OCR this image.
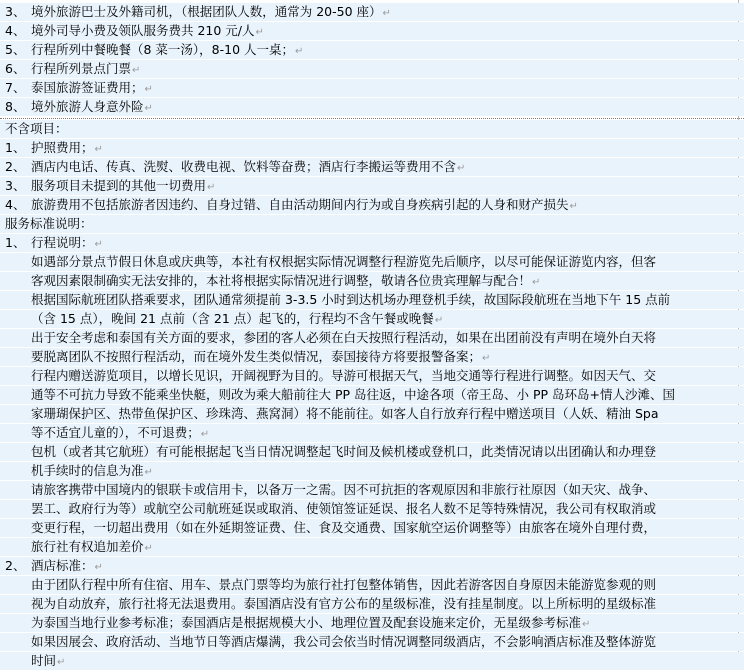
3、 境外旅游巴士及外籍司机，（根据团队人数，通常为 20-50 座）↵
4、 境外司导小费及领队服务费共 210 元/人↵
5、 行程所列中餐晚餐（8 菜一汤），8-10 人一桌；↵
6、 行程所列景点门票↵
7、 泰国旅游签证费用；↵
8、 境外旅游人身意外险↵
不含项目：
1、 护照费用；↵
2、 酒店内电话、传真、洗熨、收费电视、饮料等奋费；酒店行李搬运等费用不含↵
3、 服务项目未提到的其他一切费用↵
4、 旅游费用不包括旅游者因违约、自身过错、自由活动期间内行为或自身疾病引起的人身和财产损失↵
服务标准说明：
1、 行程说明：↵
如遇部分景点节假日休息或庆典等，本社有权根据实际情况调整行程游览先后顺序，以尽可能保证游览内容，但客
客观因素限制确实无法安排的，本社将根据实际情况进行调整，敬请各位贵宾理解与配合！↵
根据国际航班团队搭乘要求，团队通常须提前 3-3.5 小时到达机场办理登机手续，故国际段航班在当地下午 15 点前
（含 15 点），晚间 21 点前（含 21 点）起飞的，行程均不含午餐或晚餐↵
出于安全考虑和泰国有关方面的要求，参团的客人必须在白天按照行程活动，如果在出团前没有声明在境外白天将
要脱离团队不按照行程活动，而在境外发生类似情况，泰国接待方将要报警备案；↵
行程内赠送游览项目，以增长见识，开阔视野为目的。导游可根据天气，当地交通等行程进行调整。如因天气、交
通等不可抗力导致不能乘坐快艇，则改为乘大船前往大 PP 岛往返，中途各项（帝王岛、小 PP 岛环岛+情人沙滩、国
家珊瑚保护区、热带鱼保护区、珍珠湾、燕窝洞）将不能前往。如客人自行放弃行程中赠送项目（人妖、精油 Spa
等不适宜儿童的），不可退费；↵
包机（或者其它航班）有可能根据起飞当日情况调整起飞时间及候机楼或登机口，此类情况请以出团确认和办理登
机手续时的信息为准↵
请旅客携带中国境内的银联卡或信用卡，以备万一之需。因不可抗拒的客观原因和非旅行社原因（如天灾、战争、
罢工、政府行为等）或航空公司航班延误或取消、使领馆签证延误、报名人数不足等特殊情况，我公司有权取消或
变更行程，一切超出费用（如在外延期签证费、住、食及交通费、国家航空运价调整等）由旅客在境外自理付费，
旅行社有权追加差价↵
2、 酒店标准：↵
由于团队行程中所有住宿、用车、景点门票等均为旅行社打包整体销售，因此若游客因自身原因未能游览参观的则
视为自动放弃，旅行社将无法退费用。泰国酒店没有官方公布的星级标准，没有挂星制度。以上所标明的星级标准
为泰国当地行业参考标准；泰国酒店是根据规模大小、地理位置及配套设施来定价，无星级参考标准↵
如果因展会、政府活动、当地节日等酒店爆满，我公司会依当时情况调整同级酒店，不会影响酒店标准及整体游览
时间↵
